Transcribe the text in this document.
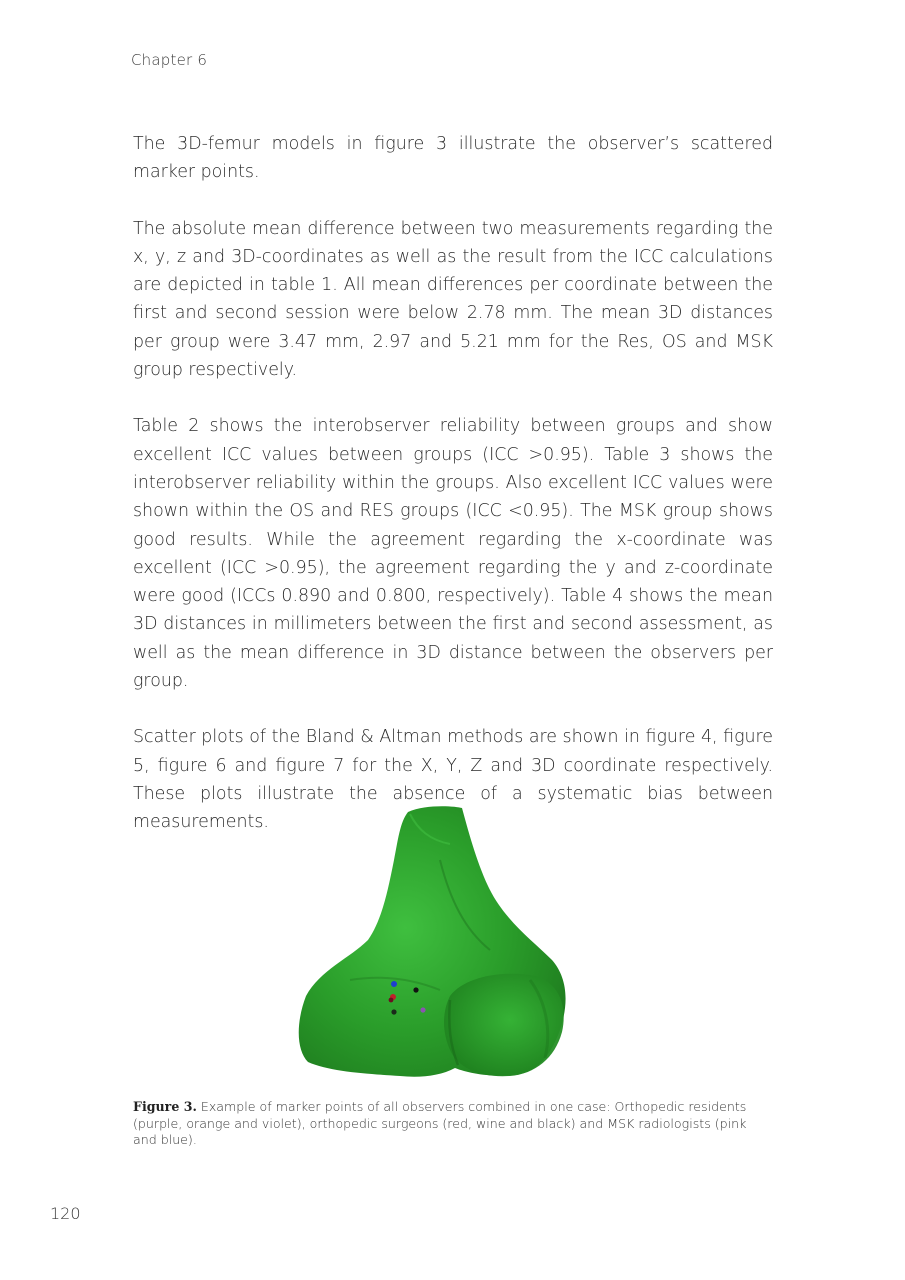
Chapter 6

The 3D-femur models in figure 3 illustrate the observer’s scattered marker points.

The absolute mean difference between two measurements regarding the x, y, z and 3D-coordinates as well as the result from the ICC calculations are depicted in table 1. All mean differences per coordinate between the first and second session were below 2.78 mm. The mean 3D distances per group were 3.47 mm, 2.97 and 5.21 mm for the Res, OS and MSK group respectively.

Table 2 shows the interobserver reliability between groups and show excellent ICC values between groups (ICC >0.95). Table 3 shows the interobserver reliability within the groups. Also excellent ICC values were shown within the OS and RES groups (ICC <0.95). The MSK group shows good results. While the agreement regarding the x-coordinate was excellent (ICC >0.95), the agreement regarding the y and z-coordinate were good (ICCs 0.890 and 0.800, respectively). Table 4 shows the mean 3D distances in millimeters between the first and second assessment, as well as the mean difference in 3D distance between the observers per group.

Scatter plots of the Bland & Altman methods are shown in figure 4, figure 5, figure 6 and figure 7 for the X, Y, Z and 3D coordinate respectively. These plots illustrate the absence of a systematic bias between measurements.

Figure 3. Example of marker points of all observers combined in one case: Orthopedic residents (purple, orange and violet), orthopedic surgeons (red, wine and black) and MSK radiologists (pink and blue).
120
